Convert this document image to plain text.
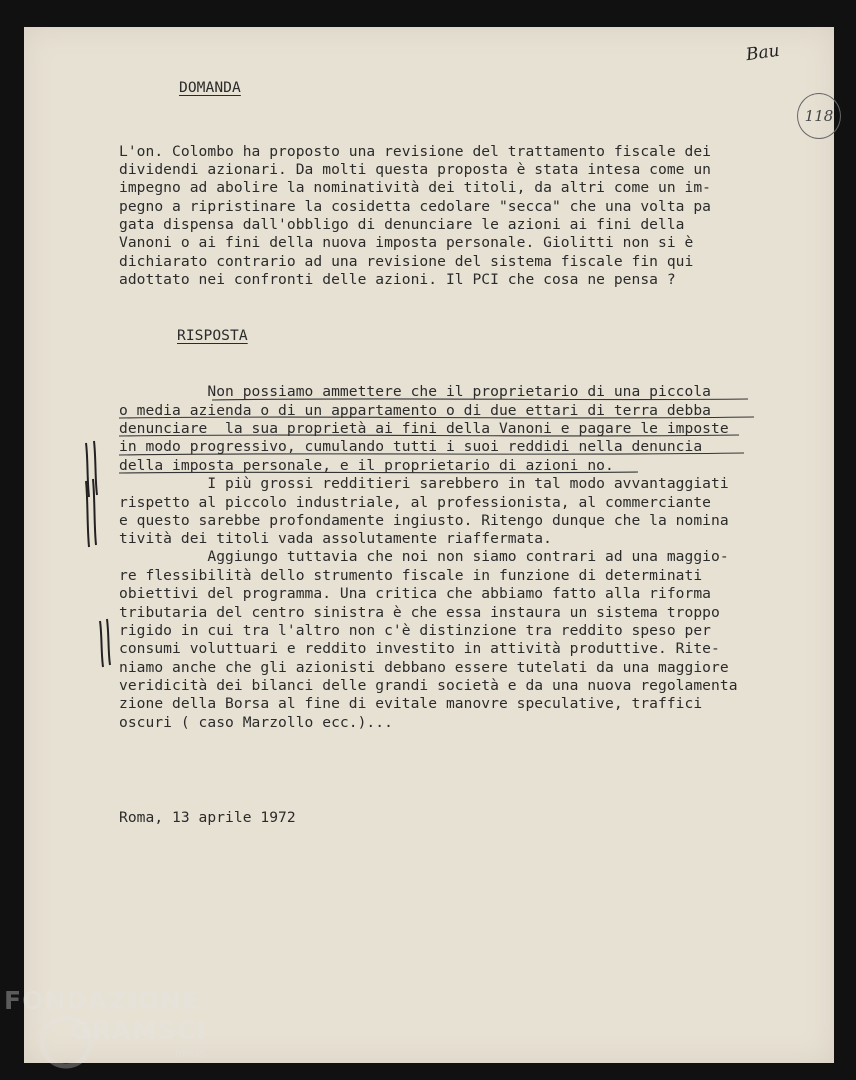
DOMANDA
L'on. Colombo ha proposto una revisione del trattamento fiscale dei
dividendi azionari. Da molti questa proposta è stata intesa come un
impegno ad abolire la nominatività dei titoli, da altri come un im-
pegno a ripristinare la cosidetta cedolare "secca" che una volta pa
gata dispensa dall'obbligo di denunciare le azioni ai fini della
Vanoni o ai fini della nuova imposta personale. Giolitti non si è
dichiarato contrario ad una revisione del sistema fiscale fin qui
adottato nei confronti delle azioni. Il PCI che cosa ne pensa ?
RISPOSTA
Non possiamo ammettere che il proprietario di una piccola
o media azienda o di un appartamento o di due ettari di terra debba
denunciare  la sua proprietà ai fini della Vanoni e pagare le imposte
in modo progressivo, cumulando tutti i suoi reddidi nella denuncia
della imposta personale, e il proprietario di azioni no.
I più grossi redditieri sarebbero in tal modo avvantaggiati
rispetto al piccolo industriale, al professionista, al commerciante
e questo sarebbe profondamente ingiusto. Ritengo dunque che la nomina
tività dei titoli vada assolutamente riaffermata.
Aggiungo tuttavia che noi non siamo contrari ad una maggio-
re flessibilità dello strumento fiscale in funzione di determinati
obiettivi del programma. Una critica che abbiamo fatto alla riforma
tributaria del centro sinistra è che essa instaura un sistema troppo
rigido in cui tra l'altro non c'è distinzione tra reddito speso per
consumi voluttuari e reddito investito in attività produttive. Rite-
niamo anche che gli azionisti debbano essere tutelati da una maggiore
veridicità dei bilanci delle grandi società e da una nuova regolamenta
zione della Borsa al fine di evitale manovre speculative, traffici
oscuri ( caso Marzollo ecc.)...
Roma, 13 aprile 1972
Bau
118
FONDAZIONE
GRAMSCI
onlus
